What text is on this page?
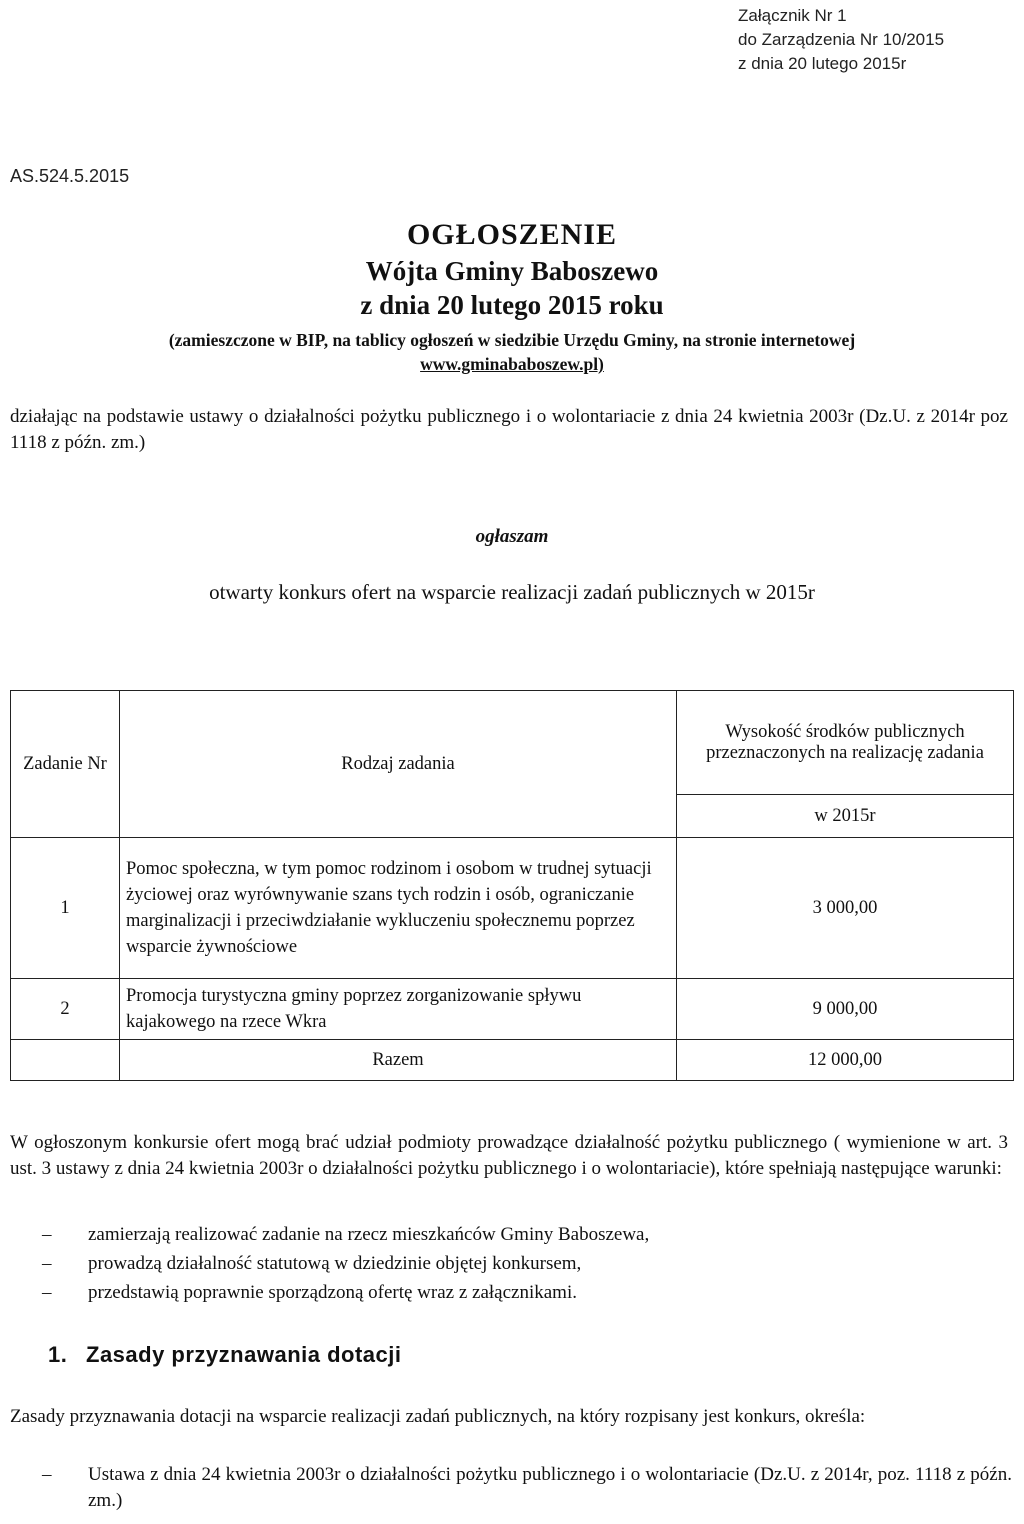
Załącznik Nr 1
do Zarządzenia Nr 10/2015
z dnia 20 lutego 2015r
AS.524.5.2015
OGŁOSZENIE
Wójta Gminy Baboszewo
z dnia 20 lutego 2015 roku
(zamieszczone w BIP, na tablicy ogłoszeń w siedzibie Urzędu Gminy, na stronie internetowej
www.gminababoszew.pl)
działając na podstawie ustawy o działalności pożytku publicznego i o wolontariacie z dnia 24 kwietnia 2003r (Dz.U. z 2014r poz 1118 z późn. zm.)
ogłaszam
otwarty konkurs ofert na wsparcie realizacji zadań publicznych w 2015r
Zadanie Nr	Rodzaj zadania	Wysokość środków publicznych przeznaczonych na realizację zadania
		w 2015r
1	Pomoc społeczna, w tym pomoc rodzinom i osobom w trudnej sytuacji życiowej oraz wyrównywanie szans tych rodzin i osób, ograniczanie marginalizacji i przeciwdziałanie wykluczeniu społecznemu poprzez wsparcie żywnościowe	3 000,00
2	Promocja turystyczna gminy poprzez zorganizowanie spływu kajakowego na rzece Wkra	9 000,00
	Razem	12 000,00
W ogłoszonym konkursie ofert mogą brać udział podmioty prowadzące działalność pożytku publicznego ( wymienione w art. 3 ust. 3 ustawy z dnia 24 kwietnia 2003r o działalności pożytku publicznego i o wolontariacie), które spełniają następujące warunki:
– zamierzają realizować zadanie na rzecz mieszkańców Gminy Baboszewa,
– prowadzą działalność statutową w dziedzinie objętej konkursem,
– przedstawią poprawnie sporządzoną ofertę wraz z załącznikami.
1. Zasady przyznawania dotacji
Zasady przyznawania dotacji na wsparcie realizacji zadań publicznych, na który rozpisany jest konkurs, określa:
– Ustawa z dnia 24 kwietnia 2003r o działalności pożytku publicznego i o wolontariacie (Dz.U. z 2014r, poz. 1118 z późn. zm.)
